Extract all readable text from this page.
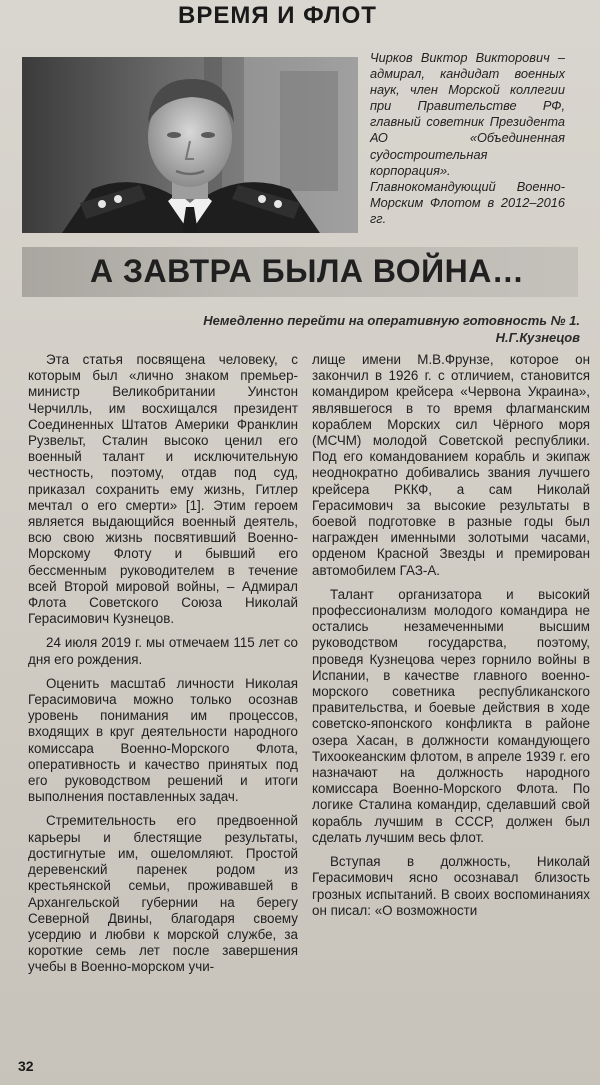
ВРЕМЯ И ФЛОТ
Чирков Виктор Викторович – адмирал, кандидат военных наук, член Морской коллегии при Правительстве РФ, главный советник Президента АО «Объединенная судостроительная корпорация». Главнокомандующий Военно-Морским Флотом в 2012–2016 гг.
А ЗАВТРА БЫЛА ВОЙНА…
Немедленно перейти на оперативную готовность № 1.
Н.Г.Кузнецов

Эта статья посвящена человеку, с которым был «лично знаком премьер-министр Великобритании Уинстон Черчилль, им восхищался президент Соединенных Штатов Америки Франклин Рузвельт, Сталин высоко ценил его военный талант и исключительную честность, поэтому, отдав под суд, приказал сохранить ему жизнь, Гитлер мечтал о его смерти» [1]. Этим героем является выдающийся военный деятель, всю свою жизнь посвятивший Военно-Морскому Флоту и бывший его бессменным руководителем в течение всей Второй мировой войны, – Адмирал Флота Советского Союза Николай Герасимович Кузнецов.

24 июля 2019 г. мы отмечаем 115 лет со дня его рождения.

Оценить масштаб личности Николая Герасимовича можно только осознав уровень понимания им процессов, входящих в круг деятельности народного комиссара Военно-Морского Флота, оперативность и качество принятых под его руководством решений и итоги выполнения поставленных задач.

Стремительность его предвоенной карьеры и блестящие результаты, достигнутые им, ошеломляют. Простой деревенский паренек родом из крестьянской семьи, проживавшей в Архангельской губернии на берегу Северной Двины, благодаря своему усердию и любви к морской службе, за короткие семь лет после завершения учебы в Военно-морском учи-

лище имени М.В.Фрунзе, которое он закончил в 1926 г. с отличием, становится командиром крейсера «Червона Украина», являвшегося в то время флагманским кораблем Морских сил Чёрного моря (МСЧМ) молодой Советской республики. Под его командованием корабль и экипаж неоднократно добивались звания лучшего крейсера РККФ, а сам Николай Герасимович за высокие результаты в боевой подготовке в разные годы был награжден именными золотыми часами, орденом Красной Звезды и премирован автомобилем ГАЗ-А.

Талант организатора и высокий профессионализм молодого командира не остались незамеченными высшим руководством государства, поэтому, проведя Кузнецова через горнило войны в Испании, в качестве главного военно-морского советника республиканского правительства, и боевые действия в ходе советско-японского конфликта в районе озера Хасан, в должности командующего Тихоокеанским флотом, в апреле 1939 г. его назначают на должность народного комиссара Военно-Морского Флота. По логике Сталина командир, сделавший свой корабль лучшим в СССР, должен был сделать лучшим весь флот.

Вступая в должность, Николай Герасимович ясно осознавал близость грозных испытаний. В своих воспоминаниях он писал: «О возможности

32
